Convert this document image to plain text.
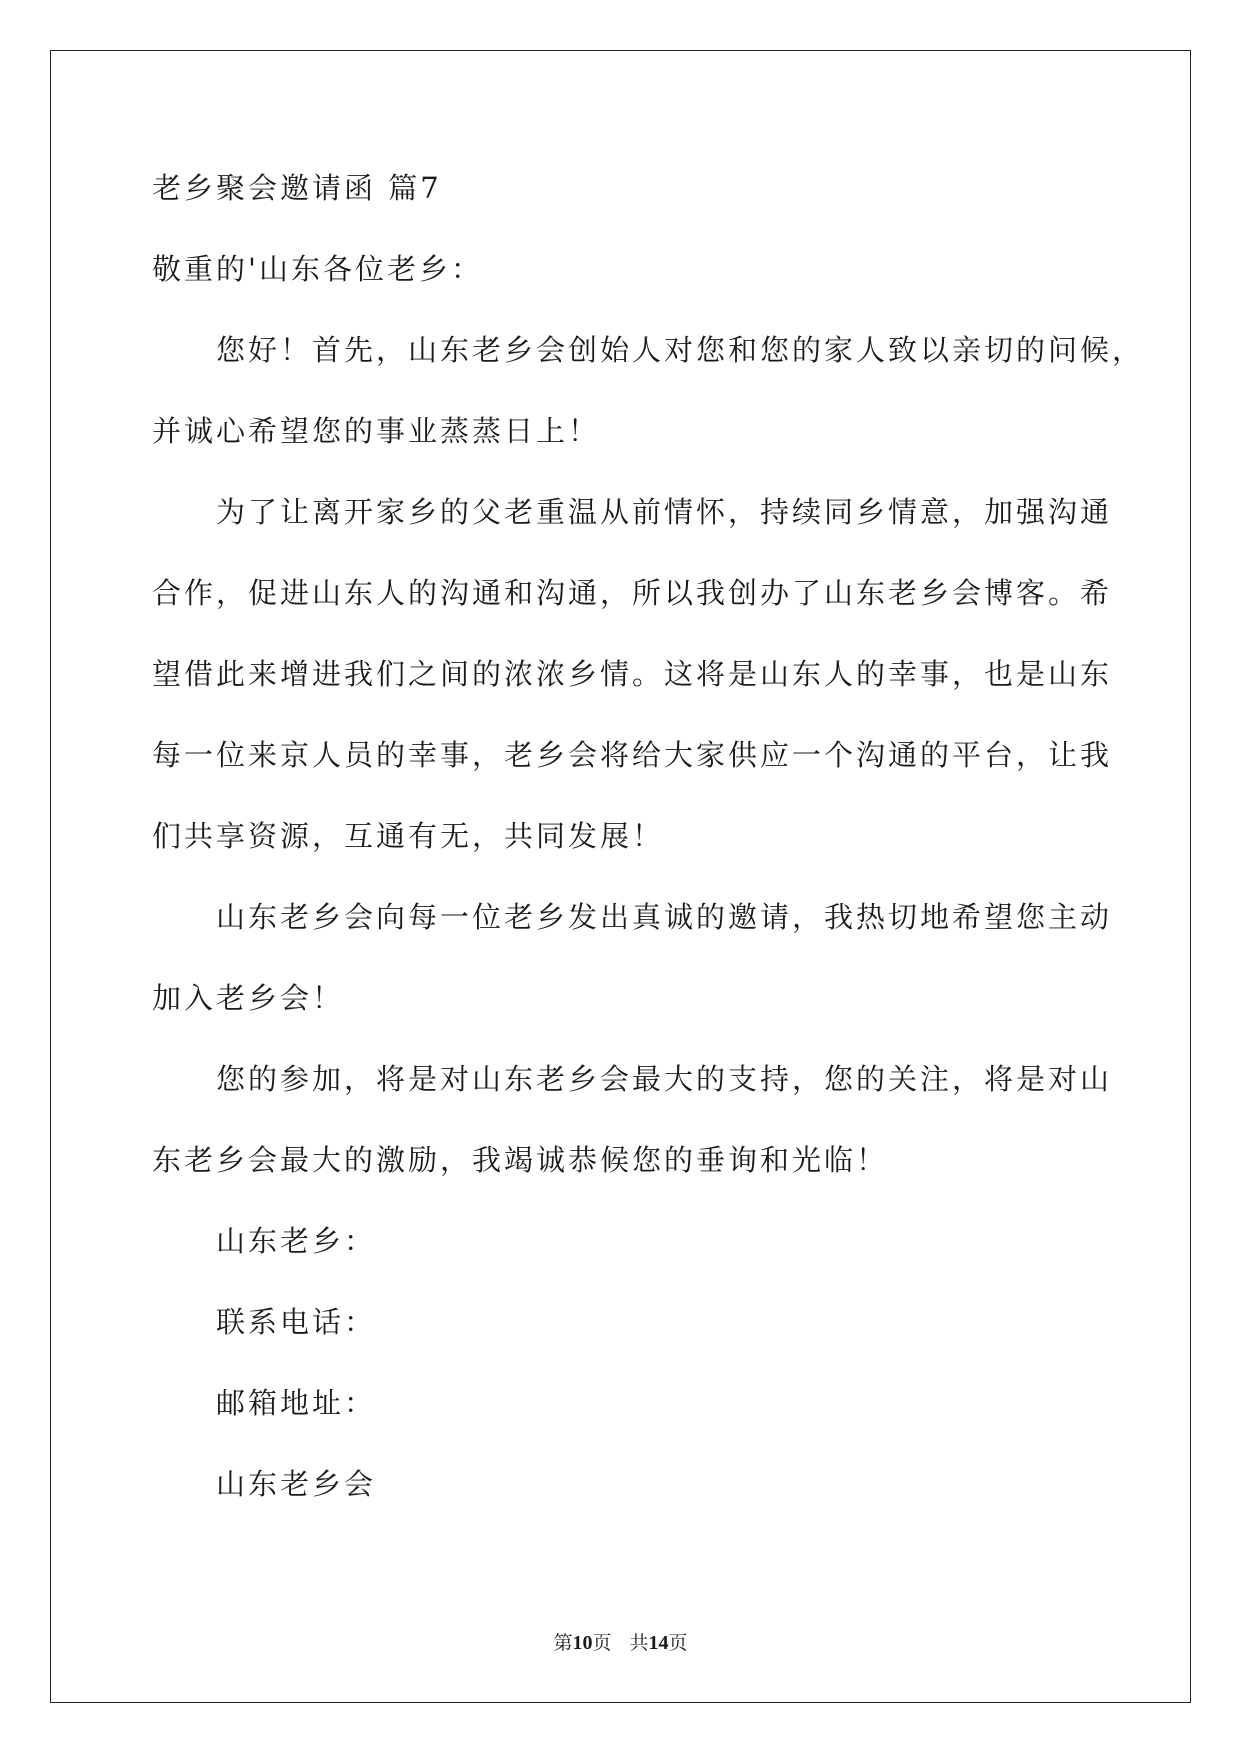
老乡聚会邀请函 篇7
敬重的'山东各位老乡：
您好！首先，山东老乡会创始人对您和您的家人致以亲切的问候，
并诚心希望您的事业蒸蒸日上！
为了让离开家乡的父老重温从前情怀，持续同乡情意，加强沟通
合作，促进山东人的沟通和沟通，所以我创办了山东老乡会博客。希
望借此来增进我们之间的浓浓乡情。这将是山东人的幸事，也是山东
每一位来京人员的幸事，老乡会将给大家供应一个沟通的平台，让我
们共享资源，互通有无，共同发展！
山东老乡会向每一位老乡发出真诚的邀请，我热切地希望您主动
加入老乡会！
您的参加，将是对山东老乡会最大的支持，您的关注，将是对山
东老乡会最大的激励，我竭诚恭候您的垂询和光临！
山东老乡：
联系电话：
邮箱地址：
山东老乡会
第10页 共14页
